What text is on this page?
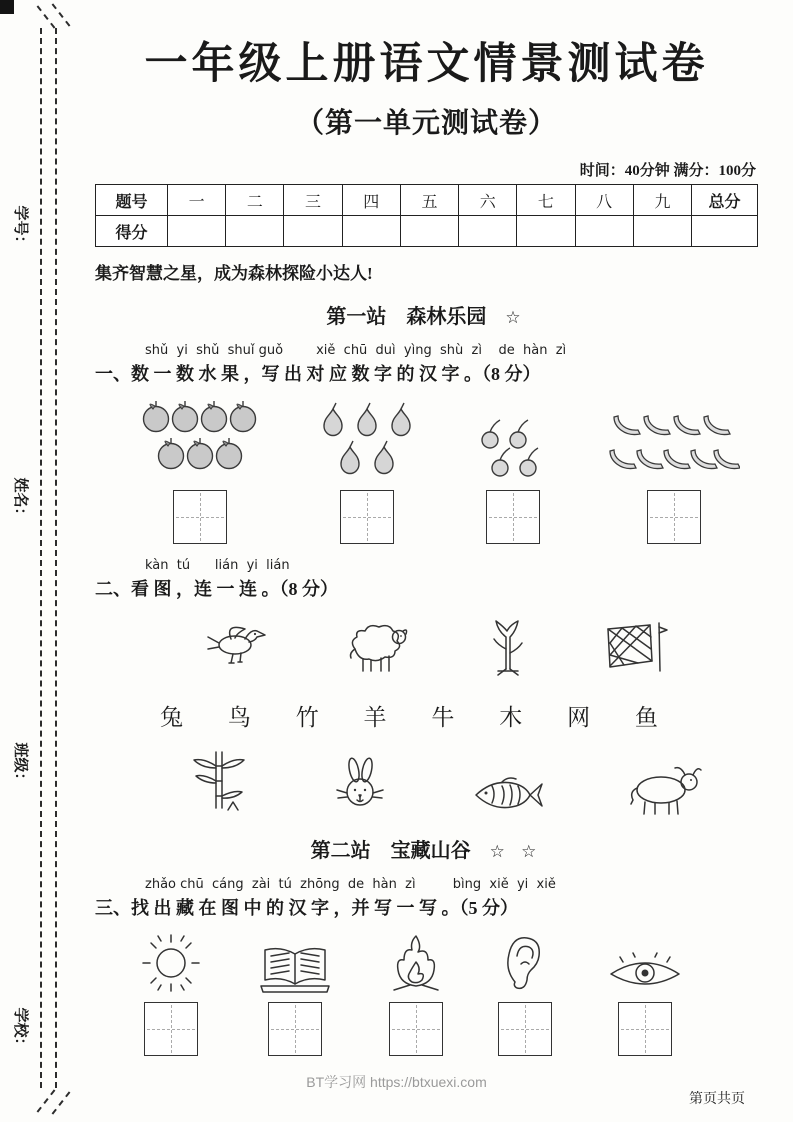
学号：
姓名：
班级：
学校：
一年级上册语文情景测试卷
（第一单元测试卷）
时间：40分钟 满分：100分
题号	一	二	三	四	五	六	七	八	九	总分
得分										
集齐智慧之星，成为森林探险小达人!
第一站　森林乐园 ☆
shǔ  yi  shǔ  shuǐ guǒ        xiě  chū  duì  yìng  shù  zì    de  hàn  zì
一、数 一 数 水 果 ，写 出 对 应 数 字 的 汉 字 。（8 分）
kàn  tú      lián  yi  lián
二、看 图 ，连 一 连 。（8 分）
兔 鸟 竹 羊 牛 木 网 鱼
第二站　宝藏山谷 ☆ ☆
zhǎo chū  cáng  zài  tú  zhōng  de  hàn  zì         bìng  xiě  yi  xiě
三、找 出 藏 在 图 中 的 汉 字 ，并 写 一 写 。（5 分）
BT学习网 https://btxuexi.com
第页共页
